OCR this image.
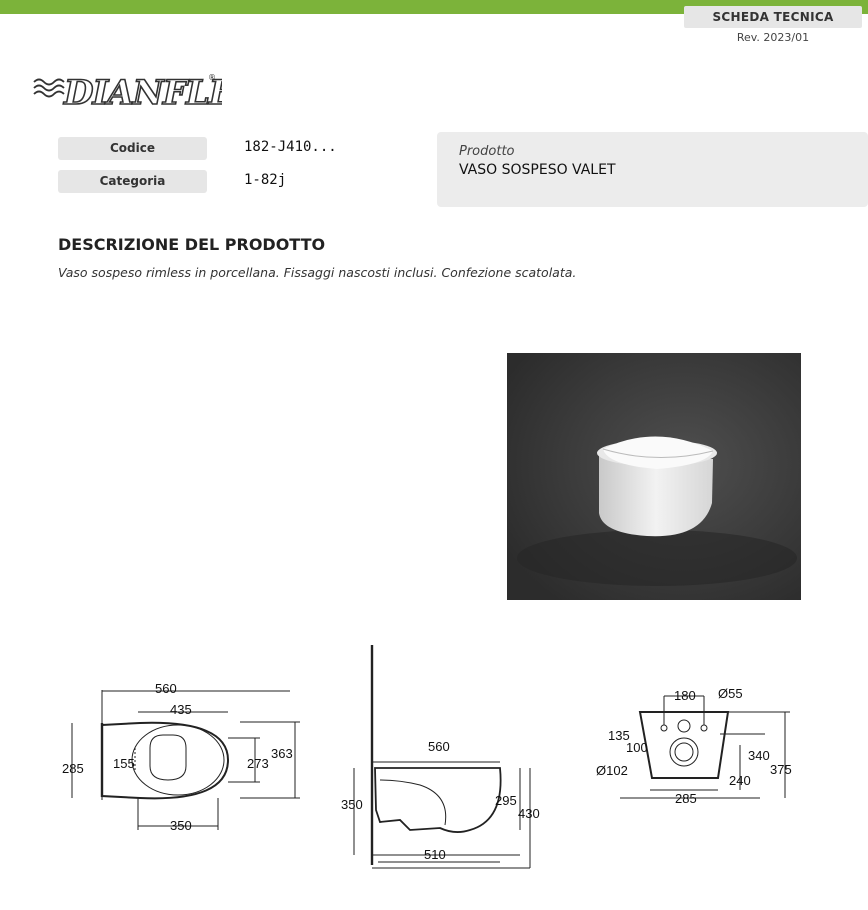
SCHEDA TECNICA
Rev. 2023/01
DIANFL ®
Codice	182-J410...
Categoria	1-82j
Prodotto
VASO SOSPESO VALET
DESCRIZIONE DEL PRODOTTO
Vaso sospeso rimless in porcellana. Fissaggi nascosti inclusi. Confezione scatolata.
560
435
285 155	273
363
350
560
350	295
430
510
180 Ø55
135
100
Ø102
340
375
240
285
